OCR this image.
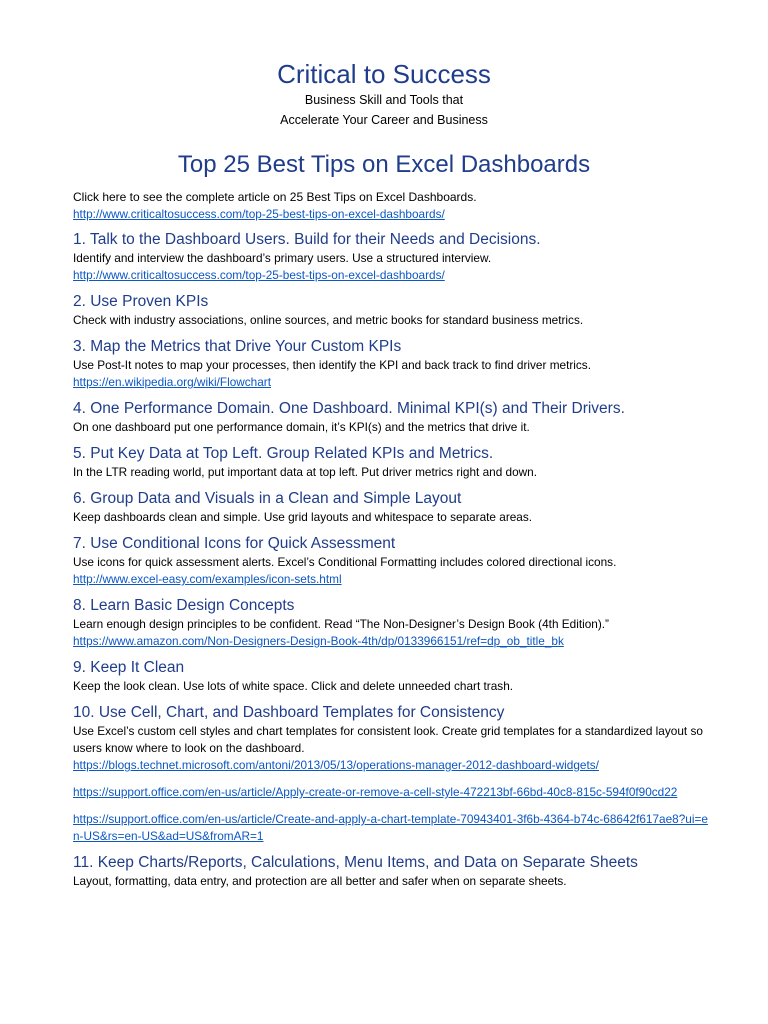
Critical to Success

Business Skill and Tools that

Accelerate Your Career and Business

Top 25 Best Tips on Excel Dashboards

Click here to see the complete article on 25 Best Tips on Excel Dashboards.
http://www.criticaltosuccess.com/top-25-best-tips-on-excel-dashboards/

1. Talk to the Dashboard Users. Build for their Needs and Decisions.

Identify and interview the dashboard’s primary users. Use a structured interview.

http://www.criticaltosuccess.com/top-25-best-tips-on-excel-dashboards/
2. Use Proven KPIs

Check with industry associations, online sources, and metric books for standard business metrics.

3. Map the Metrics that Drive Your Custom KPIs

Use Post-It notes to map your processes, then identify the KPI and back track to find driver metrics.

https://en.wikipedia.org/wiki/Flowchart
4. One Performance Domain. One Dashboard. Minimal KPI(s) and Their Drivers.

On one dashboard put one performance domain, it’s KPI(s) and the metrics that drive it.

5. Put Key Data at Top Left. Group Related KPIs and Metrics.

In the LTR reading world, put important data at top left. Put driver metrics right and down.

6. Group Data and Visuals in a Clean and Simple Layout

Keep dashboards clean and simple. Use grid layouts and whitespace to separate areas.

7. Use Conditional Icons for Quick Assessment

Use icons for quick assessment alerts. Excel’s Conditional Formatting includes colored directional icons.

http://www.excel-easy.com/examples/icon-sets.html
8. Learn Basic Design Concepts

Learn enough design principles to be confident. Read “The Non-Designer’s Design Book (4th Edition).”

https://www.amazon.com/Non-Designers-Design-Book-4th/dp/0133966151/ref=dp_ob_title_bk
9. Keep It Clean

Keep the look clean. Use lots of white space. Click and delete unneeded chart trash.

10. Use Cell, Chart, and Dashboard Templates for Consistency

Use Excel’s custom cell styles and chart templates for consistent look. Create grid templates for a standardized layout so users know where to look on the dashboard.

https://blogs.technet.microsoft.com/antoni/2013/05/13/operations-manager-2012-dashboard-widgets/
https://support.office.com/en-us/article/Apply-create-or-remove-a-cell-style-472213bf-66bd-40c8-815c-594f0f90cd22
https://support.office.com/en-us/article/Create-and-apply-a-chart-template-70943401-3f6b-4364-b74c-68642f617ae8?ui=en-US&rs=en-US&ad=US&fromAR=1
11. Keep Charts/Reports, Calculations, Menu Items, and Data on Separate Sheets

Layout, formatting, data entry, and protection are all better and safer when on separate sheets.
